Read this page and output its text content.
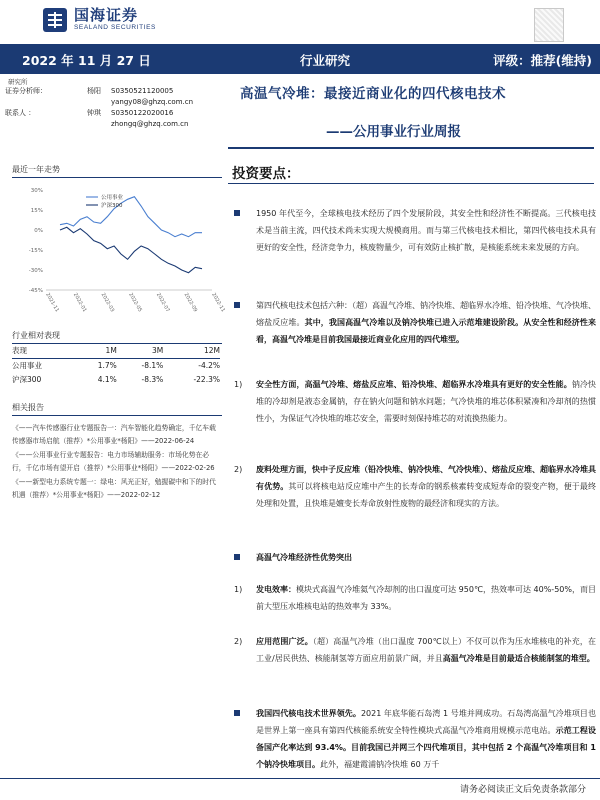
国海证券
SEALAND SECURITIES
2022 年 11 月 27 日	行业研究	评级：推荐(维持)
研究所
证券分析师：	杨阳	S0350521120005
yangy08@ghzq.com.cn
联系人 ：	钟琪	S0350122020016
zhongq@ghzq.com.cn
高温气冷堆：最接近商业化的四代核电技术
——公用事业行业周报
最近一年走势
30%
15%
0%
-15%
-30%
-45%
2021-11 2022-01 2022-03 2022-05 2022-07 2022-09 2022-11
公用事业
沪深300
行业相对表现
表现	1M	3M	12M
公用事业	1.7%	-8.1%	-4.2%
沪深300	4.1%	-8.3%	-22.3%
相关报告

《——汽车传感器行业专题报告一：汽车智能化趋势确定，千亿车载传感器市场启航（推荐）*公用事业*杨阳》——2022-06-24

《——公用事业行业专题报告：电力市场辅助服务：市场化势在必行，千亿市场有望开启（推荐）*公用事业*杨阳》——2022-02-26

《——新型电力系统专题一：绿电：风光正好，勉握碳中和下的时代机遇（推荐）*公用事业*杨阳》——2022-02-12

投资要点：
1950 年代至今，全球核电技术经历了四个发展阶段，其安全性和经济性不断提高。三代核电技术是当前主流，四代技术尚未实现大规模商用。而与第三代核电技术相比，第四代核电技术具有更好的安全性，经济竞争力，核废物量少，可有效防止核扩散，是核能系统未来发展的方向。
第四代核电技术包括六种：（超）高温气冷堆、钠冷快堆、超临界水冷堆、铅冷快堆、气冷快堆、熔盐反应堆。其中，我国高温气冷堆以及钠冷快堆已进入示范堆建设阶段。从安全性和经济性来看，高温气冷堆是目前我国最接近商业化应用的四代堆型。
1) 安全性方面，高温气冷堆、熔盐反应堆、铅冷快堆、超临界水冷堆具有更好的安全性能。钠冷快堆的冷却剂是液态金属钠，存在钠火问题和钠水问题；气冷快堆的堆芯体积紧凑和冷却剂的热惯性小，为保证气冷快堆的堆芯安全，需要时刻保持堆芯的对流换热能力。
2) 废料处理方面，快中子反应堆（铅冷快堆、钠冷快堆、气冷快堆）、熔盐反应堆、超临界水冷堆具有优势。其可以将核电站反应堆中产生的长寿命的钢系核素转变成短寿命的裂变产物，便于最终处理和处置，且快堆是嬗变长寿命放射性废物的最经济和现实的方法。
高温气冷堆经济性优势突出
1) 发电效率：模块式高温气冷堆氦气冷却剂的出口温度可达 950℃，热效率可达 40%-50%，而目前大型压水堆核电站的热效率为 33%。
2) 应用范围广泛。（超）高温气冷堆（出口温度 700℃以上）不仅可以作为压水堆核电的补充，在工业/居民供热、核能制氢等方面应用前景广阔，并且高温气冷堆是目前最适合核能制氢的堆型。
我国四代核电技术世界领先。2021 年底华能石岛湾 1 号堆并网成功。石岛湾高温气冷堆项目也是世界上第一座具有第四代核能系统安全特性模块式高温气冷堆商用规模示范电站。示范工程设备国产化率达到 93.4%。目前我国已并网三个四代堆项目，其中包括 2 个高温气冷堆项目和 1 个钠冷快堆项目。此外，福建霞浦钠冷快堆 60 万千
请务必阅读正文后免责条款部分
